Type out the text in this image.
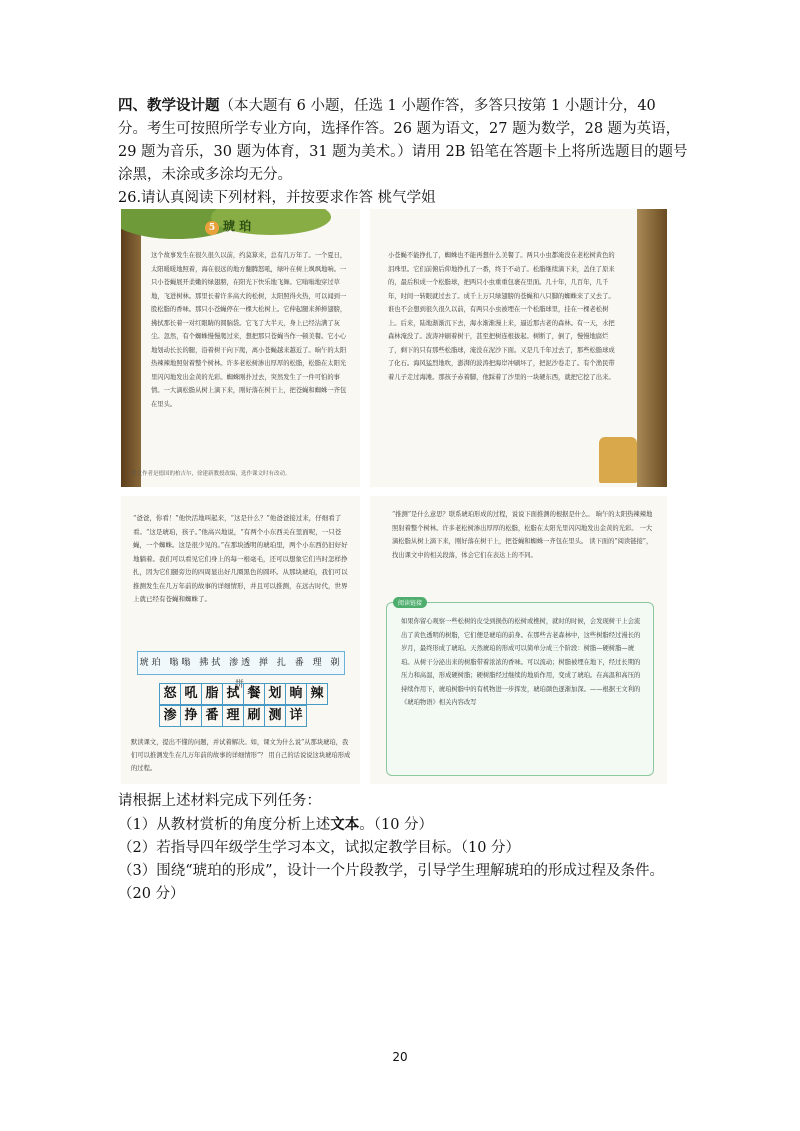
四、教学设计题（本大题有 6 小题，任选 1 小题作答，多答只按第 1 小题计分，40 分。考生可按照所学专业方向，选择作答。26 题为语文，27 题为数学，28 题为英语，29 题为音乐，30 题为体育，31 题为美术。）请用 2B 铅笔在答题卡上将所选题目的题号涂黑，未涂或多涂均无分。
26.请认真阅读下列材料，并按要求作答 桃气学姐
5 琥 珀
这个故事发生在很久很久以前，约莫算来，总有几万年了。一个夏日，太阳暖暖地照着，海在很远的地方翻腾怒吼，绿叶在树上飒飒地响。一只小苍蝇展开柔嫩的绿翅膀，在阳光下快乐地飞舞。它嗡嗡地穿过草地，飞进树林。那里长着许多高大的松树，太阳照得火热，可以闻到一股松脂的香味。那只小苍蝇停在一棵大松树上。它伸起腿来掸掸翅膀，拂拭那长着一对红眼睛的圆脑袋。它飞了大半天，身上已经沾满了灰尘。忽然，有个蜘蛛慢慢爬过来，想把那只苍蝇当作一顿美餐。它小心地划动长长的腿，沿着树干向下爬，离小苍蝇越来越近了。晌午的太阳热辣辣地照射着整个树林。许多老松树渗出厚厚的松脂，松脂在太阳光里闪闪地发出金黄的光彩。蜘蛛刚扑过去，突然发生了一件可怕的事情。一大滴松脂从树上滴下来，刚好落在树干上，把苍蝇和蜘蛛一齐包在里头。
本文作者是德国的柏吉尔，徐建新教授改编，选作课文时有改动。
小苍蝇不能挣扎了，蜘蛛也不能再想什么美餐了。两只小虫都淹没在老松树黄色的泪珠里。它们前俯后仰地挣扎了一番，终于不动了。松脂继续滴下来，盖住了原来的，最后积成一个松脂球，把两只小虫重重包裹在里面。几十年，几百年，几千年，时间一转眼就过去了。成千上万只绿翅膀的苍蝇和八只脚的蜘蛛来了又去了。谁也不会想到很久很久以前，有两只小虫被埋在一个松脂球里，挂在一棵老松树上。后来，陆地渐渐沉下去，海水渐渐漫上来，逼近那古老的森林。有一天，水把森林淹没了。波涛冲刷着树干，甚至把树连根拔起。树断了，倒了，慢慢地腐烂了，剩下的只有那些松脂球，淹没在泥沙下面。又是几千年过去了，那些松脂球成了化石。海风猛烈地吹，澎湃的波涛把海岸冲刷坏了，把泥沙卷走了。有个渔民带着儿子走过海滩。那孩子赤着脚，他踩着了沙里的一块硬东西，就把它挖了出来。
“爸爸，你看！”他快活地叫起来，“这是什么？”他爸爸接过来，仔细看了看。“这是琥珀，孩子。”他高兴地说，“有两个小东西关在里面呢，一只苍蝇，一个蜘蛛。这是很少见的。”在那块透明的琥珀里，两个小东西仍旧好好地躺着。我们可以看见它们身上的每一根毫毛，还可以想象它们当时怎样挣扎，因为它们腿旁边的四周显出好几圈黑色的圆环。从那块琥珀，我们可以推测发生在几万年前的故事的详细情形，并且可以推测，在远古时代，世界上就已经有苍蝇和蜘蛛了。
琥珀 嗡嗡 拂拭 渗透 掸 扎 番 理 剃 拼
怒 吼 脂 拭 餐 划 晌 辣
渗 挣 番 理 刷 测 详
默读课文，提出不懂的问题，并试着解决。如，课文为什么说“从那块琥珀，我们可以推测发生在几万年前的故事的详细情形”？ 用自己的话说说这块琥珀形成的过程。
“推测”是什么意思？联系琥珀形成的过程，说说下面推测的根据是什么。 晌午的太阳热辣辣地照射着整个树林。许多老松树渗出厚厚的松脂，松脂在太阳光里闪闪地发出金黄的光彩。 一大滴松脂从树上滴下来，刚好落在树干上，把苍蝇和蜘蛛一齐包在里头。 读下面的“阅读链接”，找出课文中的相关段落，体会它们在表达上的不同。
阅读链接
如果你留心观察一些松树的皮受到损伤的松树或樵树，就时的时候，会发现树干上会流出了黄色透明的树脂，它们便是琥珀的前身。在那些古老森林中，这些树脂经过漫长的岁月，最终形成了琥珀。天然琥珀的形成可以简单分成三个阶段：树脂—硬树脂—琥珀。从树干分泌出来的树脂带着浓浓的香味。可以流动；树脂被埋在地下，经过长期的压力和高温，形成硬树脂；硬树脂经过继续的地质作用，变成了琥珀。在高温和高压的持续作用下，琥珀树脂中的有机物进一步挥发，琥珀颜色逐渐加深。——根据王文利的《琥珀物语》相关内容改写

请根据上述材料完成下列任务：

（1）从教材赏析的角度分析上述文本。（10 分）

（2）若指导四年级学生学习本文，试拟定教学目标。（10 分）

（3）围绕“琥珀的形成”，设计一个片段教学，引导学生理解琥珀的形成过程及条件。（20 分）

20
